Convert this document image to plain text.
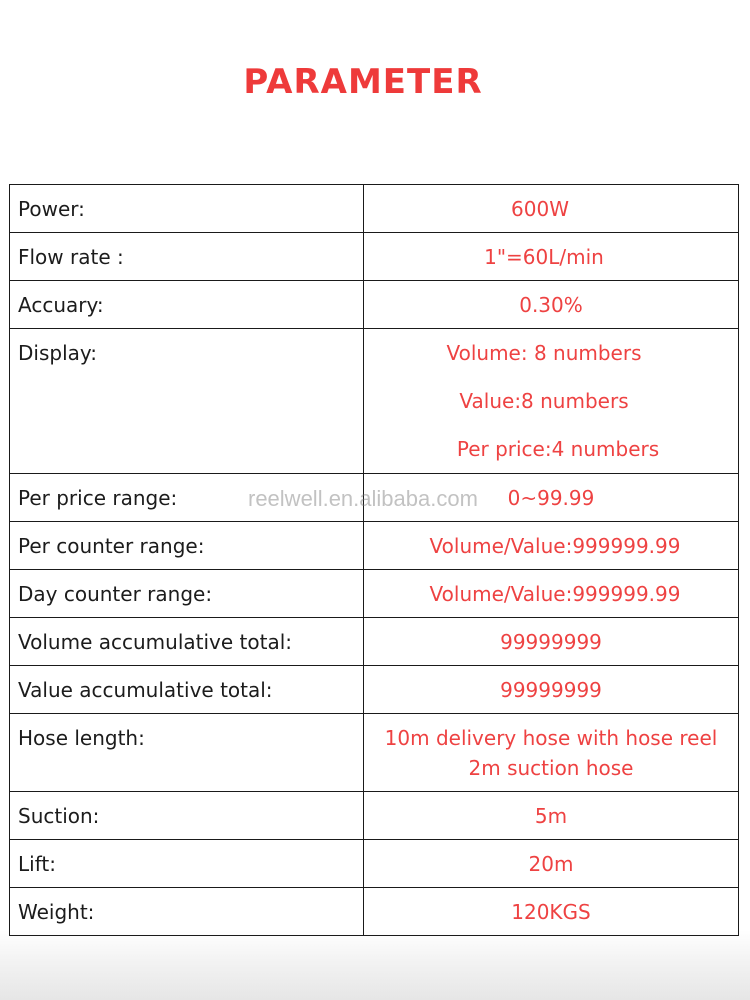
PARAMETER
Power:	600W

Flow rate :	1"=60L/min

Accuary:	0.30%

Display:	Volume: 8 numbers
Value:8 numbers
Per price:4 numbers

Per price range:	0~99.99

Per counter range:	Volume/Value:999999.99

Day counter range:	Volume/Value:999999.99

Volume accumulative total:	99999999

Value accumulative total:	99999999

Hose length:	10m delivery hose with hose reel
2m suction hose

Suction:	5m

Lift:	20m

Weight:	120KGS
reelwell.en.alibaba.com
